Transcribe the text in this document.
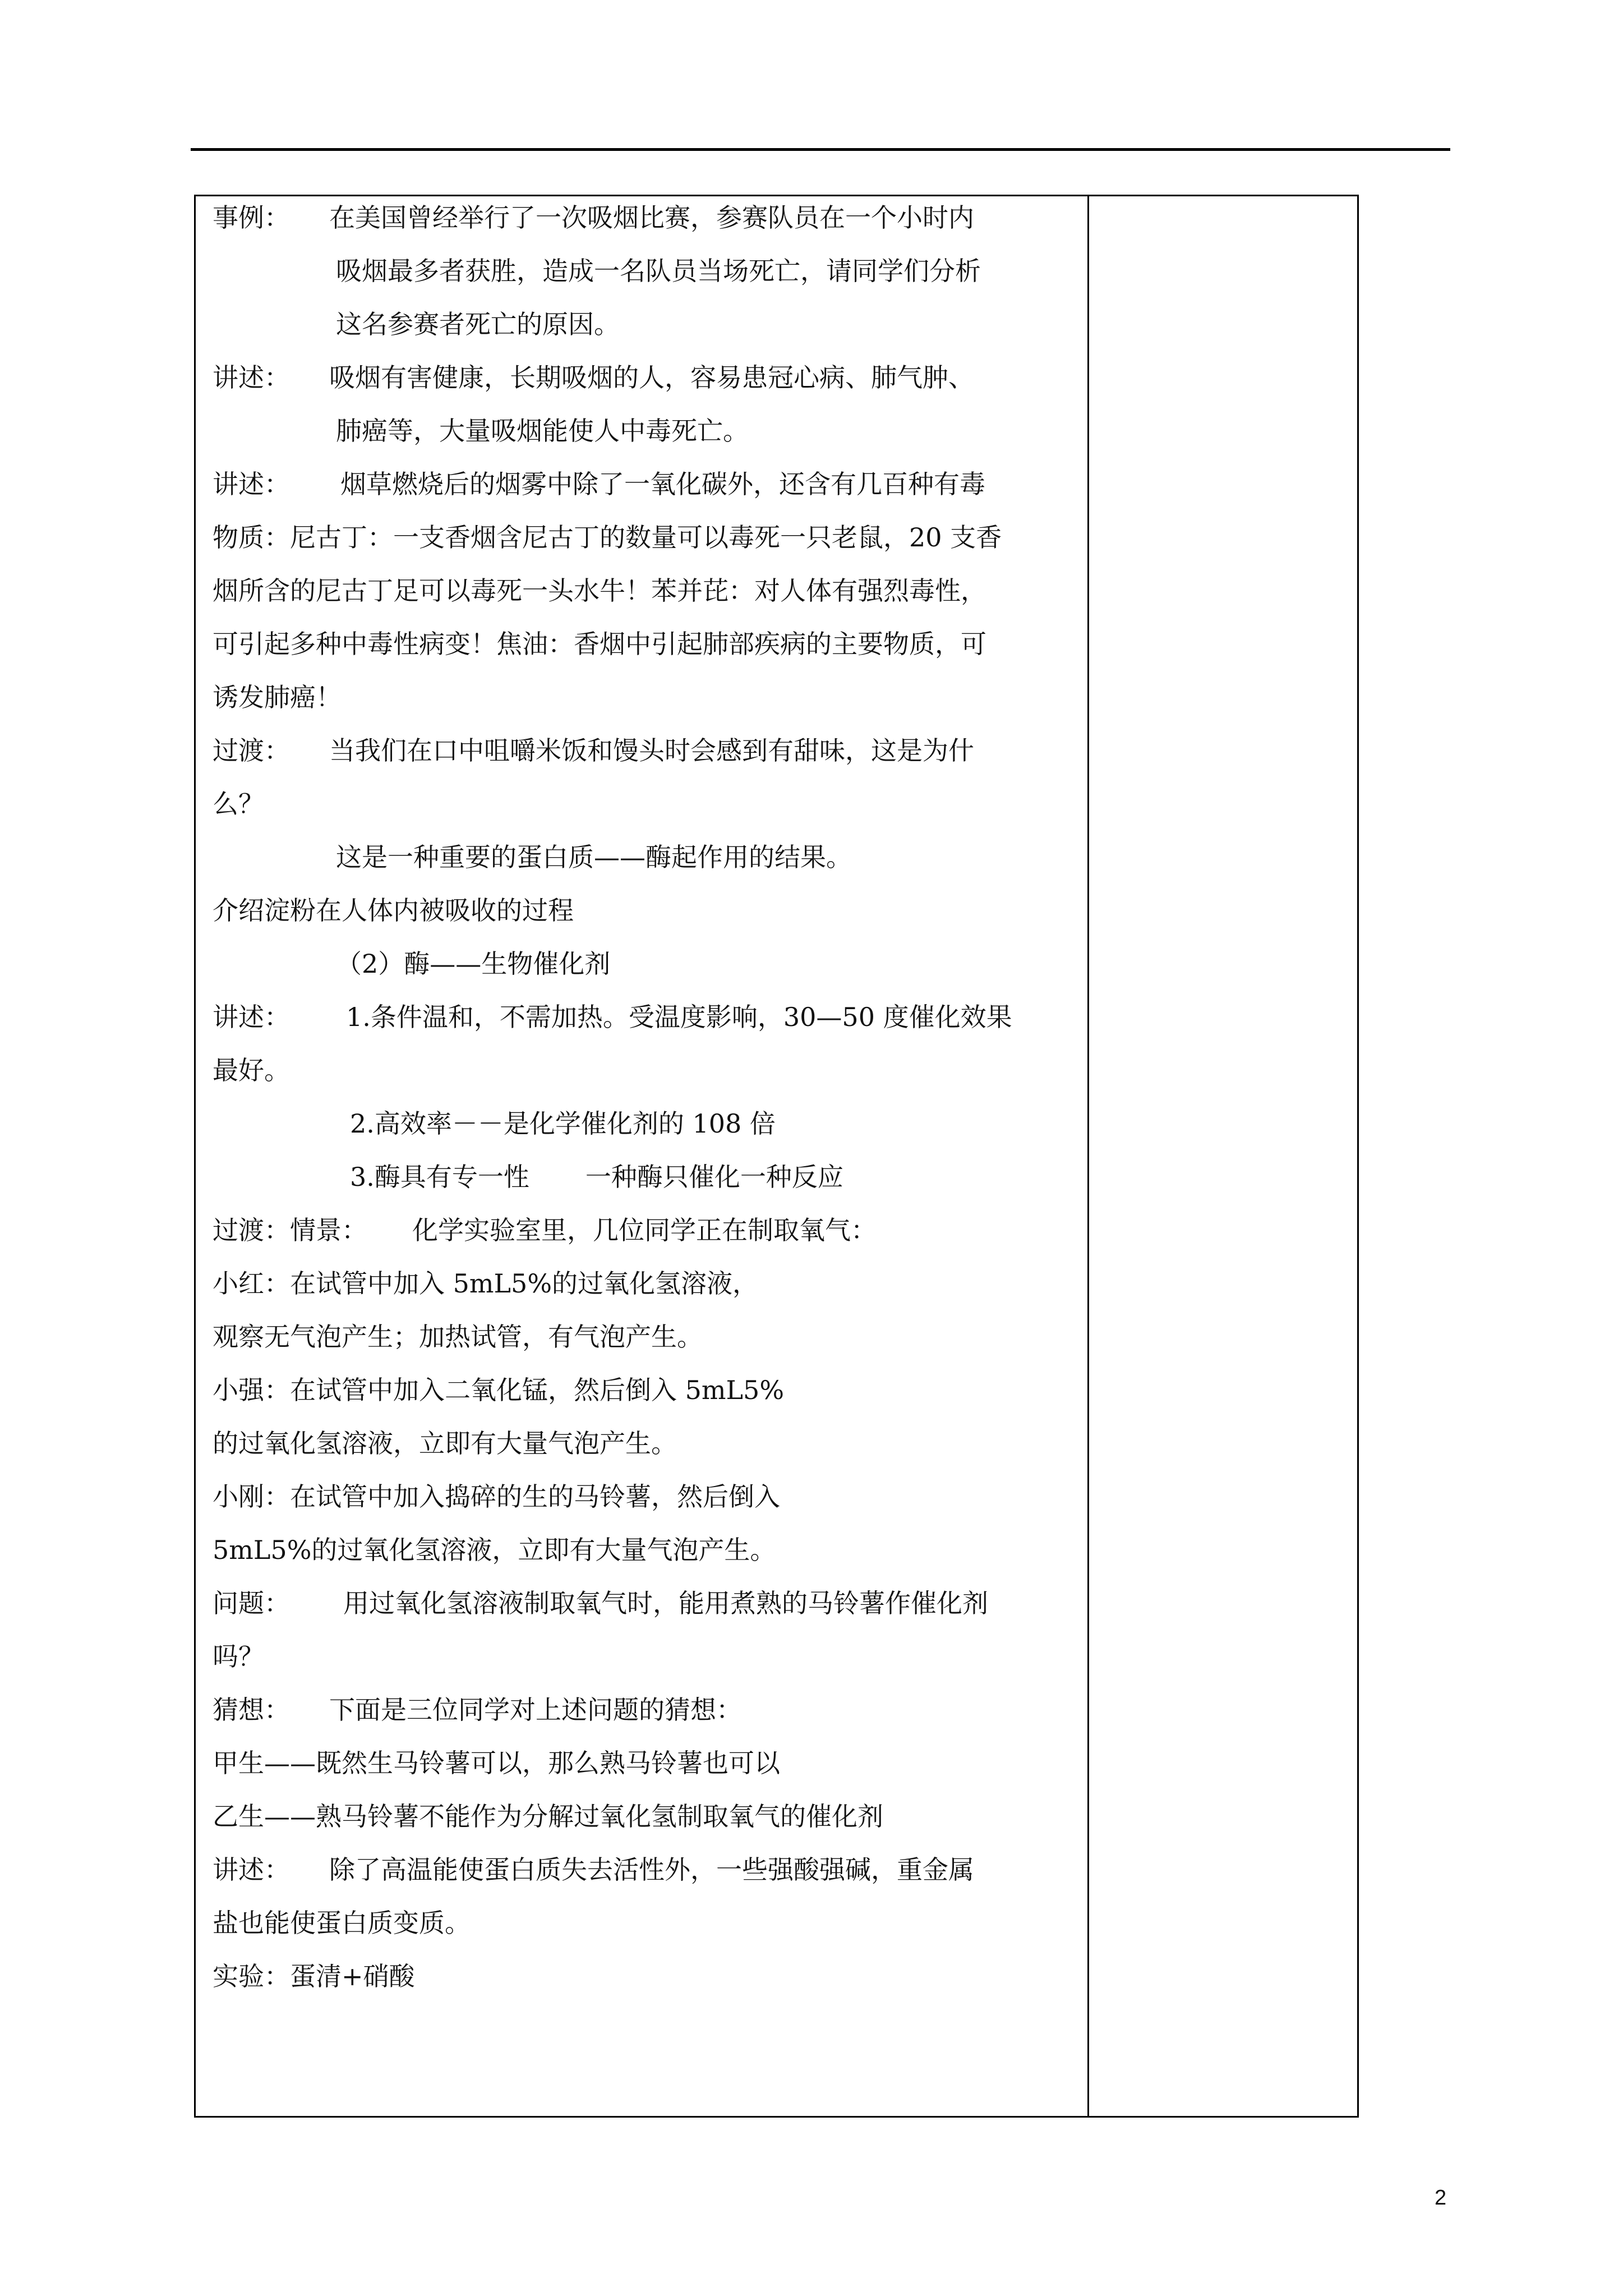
事例： 在美国曾经举行了一次吸烟比赛，参赛队员在一个小时内
吸烟最多者获胜，造成一名队员当场死亡，请同学们分析
这名参赛者死亡的原因。
讲述： 吸烟有害健康，长期吸烟的人，容易患冠心病、肺气肿、
肺癌等，大量吸烟能使人中毒死亡。
讲述： 烟草燃烧后的烟雾中除了一氧化碳外，还含有几百种有毒
物质：尼古丁：一支香烟含尼古丁的数量可以毒死一只老鼠，20 支香
烟所含的尼古丁足可以毒死一头水牛！苯并芘：对人体有强烈毒性，
可引起多种中毒性病变！焦油：香烟中引起肺部疾病的主要物质，可
诱发肺癌！
过渡： 当我们在口中咀嚼米饭和馒头时会感到有甜味，这是为什
么？
这是一种重要的蛋白质——酶起作用的结果。
介绍淀粉在人体内被吸收的过程
（2）酶——生物催化剂
讲述： 1.条件温和，不需加热。受温度影响，30—50 度催化效果
最好。
2.高效率－－是化学催化剂的 108 倍
3.酶具有专一性 一种酶只催化一种反应
过渡：情景： 化学实验室里，几位同学正在制取氧气：
小红：在试管中加入 5mL5%的过氧化氢溶液，
观察无气泡产生；加热试管，有气泡产生。
小强：在试管中加入二氧化锰，然后倒入 5mL5%
的过氧化氢溶液，立即有大量气泡产生。
小刚：在试管中加入捣碎的生的马铃薯，然后倒入
5mL5%的过氧化氢溶液，立即有大量气泡产生。
问题： 用过氧化氢溶液制取氧气时，能用煮熟的马铃薯作催化剂
吗？
猜想： 下面是三位同学对上述问题的猜想：
甲生——既然生马铃薯可以，那么熟马铃薯也可以
乙生——熟马铃薯不能作为分解过氧化氢制取氧气的催化剂
讲述： 除了高温能使蛋白质失去活性外，一些强酸强碱，重金属
盐也能使蛋白质变质。
实验：蛋清+硝酸
2
